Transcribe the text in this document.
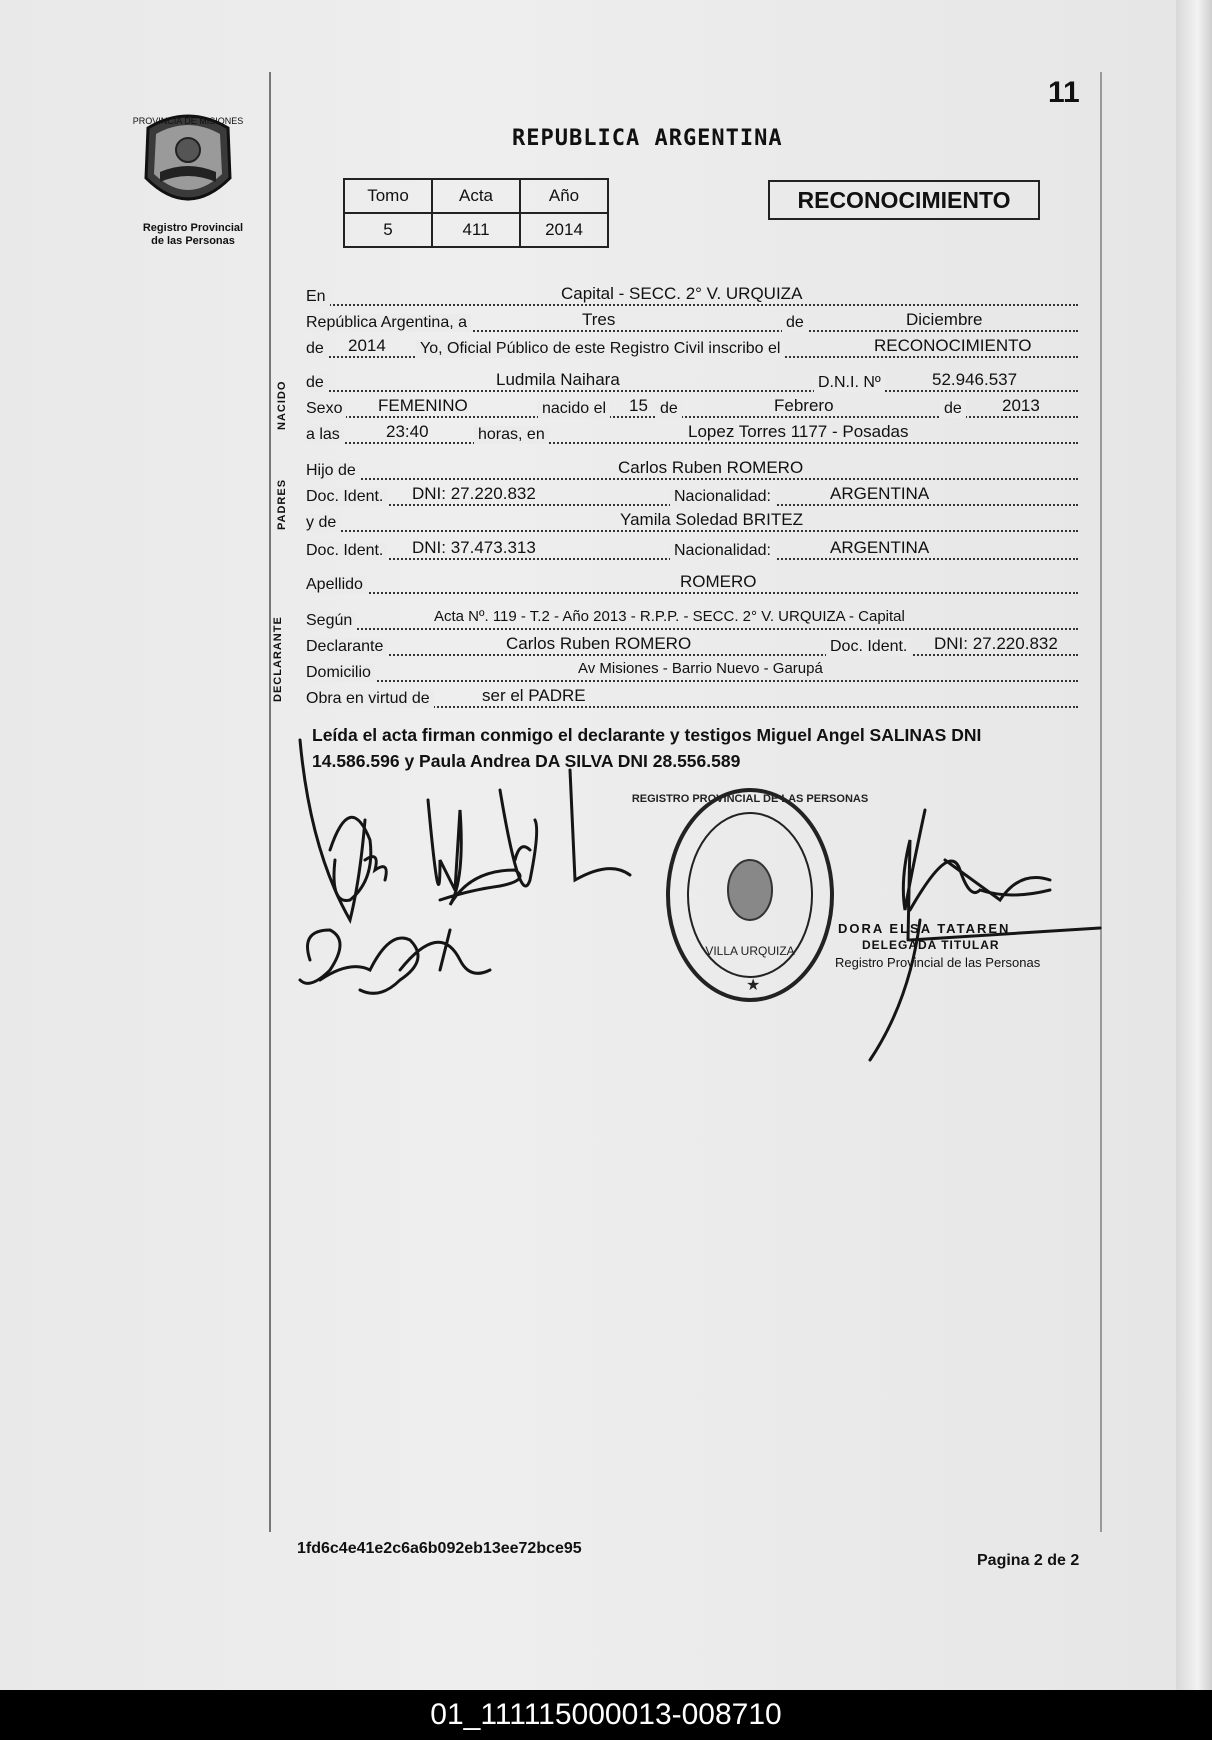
11
PROVINCIA DE MISIONES
Registro Provincial
de las Personas
REPUBLICA ARGENTINA
Tomo	Acta	Año
5	411	2014
RECONOCIMIENTO
NACIDO
PADRES
DECLARANTE
En	Capital - SECC. 2° V. URQUIZA
República Argentina, a	Tres	de	Diciembre
de 2014 Yo, Oficial Público de este Registro Civil inscribo el	RECONOCIMIENTO
de	Ludmila Naihara	D.N.I. Nº	52.946.537
Sexo FEMENINO	nacido el 15 de	Febrero	de 2013
a las	23:40	horas, en	Lopez Torres 1177 - Posadas
Hijo de	Carlos Ruben ROMERO
Doc. Ident. DNI: 27.220.832	Nacionalidad:	ARGENTINA
y de	Yamila Soledad BRITEZ
Doc. Ident. DNI: 37.473.313	Nacionalidad:	ARGENTINA
Apellido	ROMERO
Según	Acta Nº. 119 - T.2 - Año 2013 - R.P.P. - SECC. 2° V. URQUIZA - Capital
Declarante	Carlos Ruben ROMERO	Doc. Ident. DNI: 27.220.832
Domicilio	Av Misiones - Barrio Nuevo - Garupá
Obra en virtud de	ser el PADRE
Leída el acta firman conmigo el declarante y testigos Miguel Angel SALINAS DNI 14.586.596 y Paula Andrea DA SILVA DNI 28.556.589
REGISTRO PROVINCIAL DE LAS PERSONAS
VILLA URQUIZA
★
DORA ELSA TATAREN
DELEGADA TITULAR
Registro Provincial de las Personas
1fd6c4e41e2c6a6b092eb13ee72bce95
Pagina 2 de 2
01_111115000013-008710
